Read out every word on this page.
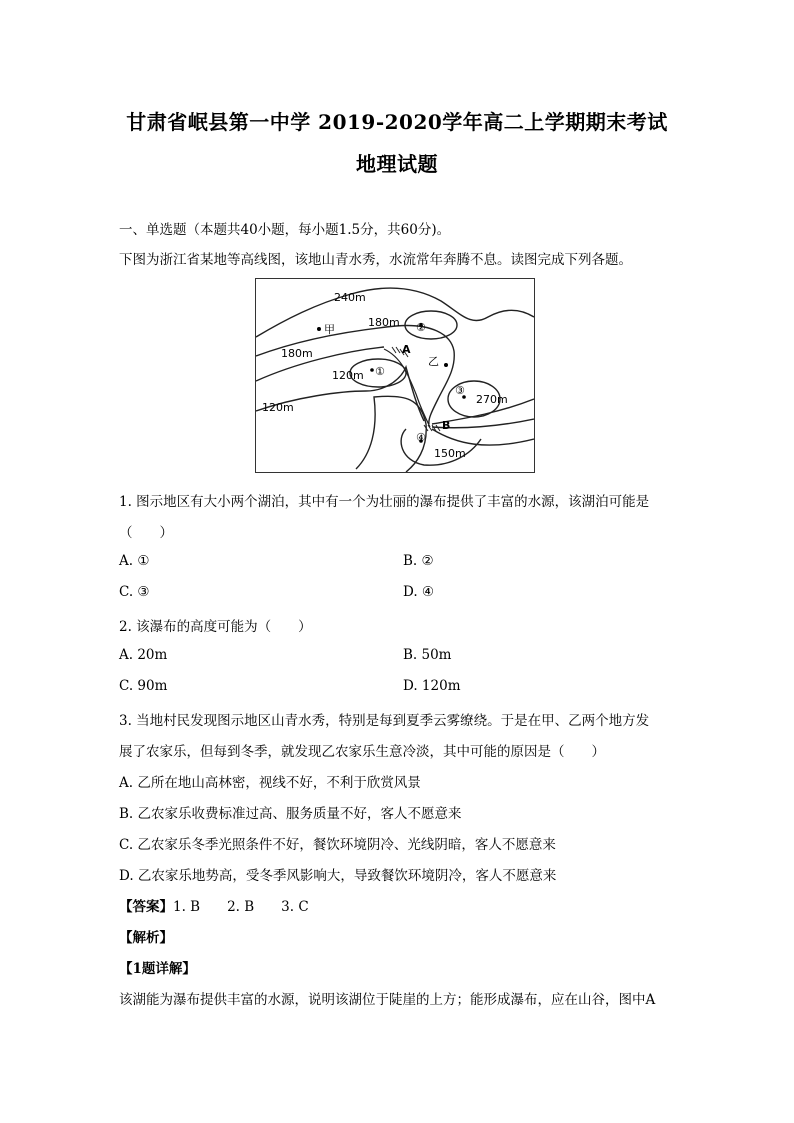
甘肃省岷县第一中学 2019-2020学年高二上学期期末考试
地理试题
一、单选题（本题共40小题，每小题1.5分，共60分)。
下图为浙江省某地等高线图，该地山青水秀，水流常年奔腾不息。读图完成下列各题。
240m
180m
180m
120m
120m
270m
150m
甲
乙
A
B
①
②
③
④
1. 图示地区有大小两个湖泊，其中有一个为壮丽的瀑布提供了丰富的水源，该湖泊可能是
（　　）
A. ①	B. ②
C. ③	D. ④
2. 该瀑布的高度可能为（　　）
A. 20m	B. 50m
C. 90m	D. 120m
3. 当地村民发现图示地区山青水秀，特别是每到夏季云雾缭绕。于是在甲、乙两个地方发
展了农家乐，但每到冬季，就发现乙农家乐生意冷淡，其中可能的原因是（　　）
A. 乙所在地山高林密，视线不好，不利于欣赏风景
B. 乙农家乐收费标准过高、服务质量不好，客人不愿意来
C. 乙农家乐冬季光照条件不好，餐饮环境阴冷、光线阴暗，客人不愿意来
D. 乙农家乐地势高，受冬季风影响大，导致餐饮环境阴冷，客人不愿意来
【答案】1. B　　2. B　　3. C
【解析】
【1题详解】
该湖能为瀑布提供丰富的水源，说明该湖位于陡崖的上方；能形成瀑布，应在山谷，图中A
